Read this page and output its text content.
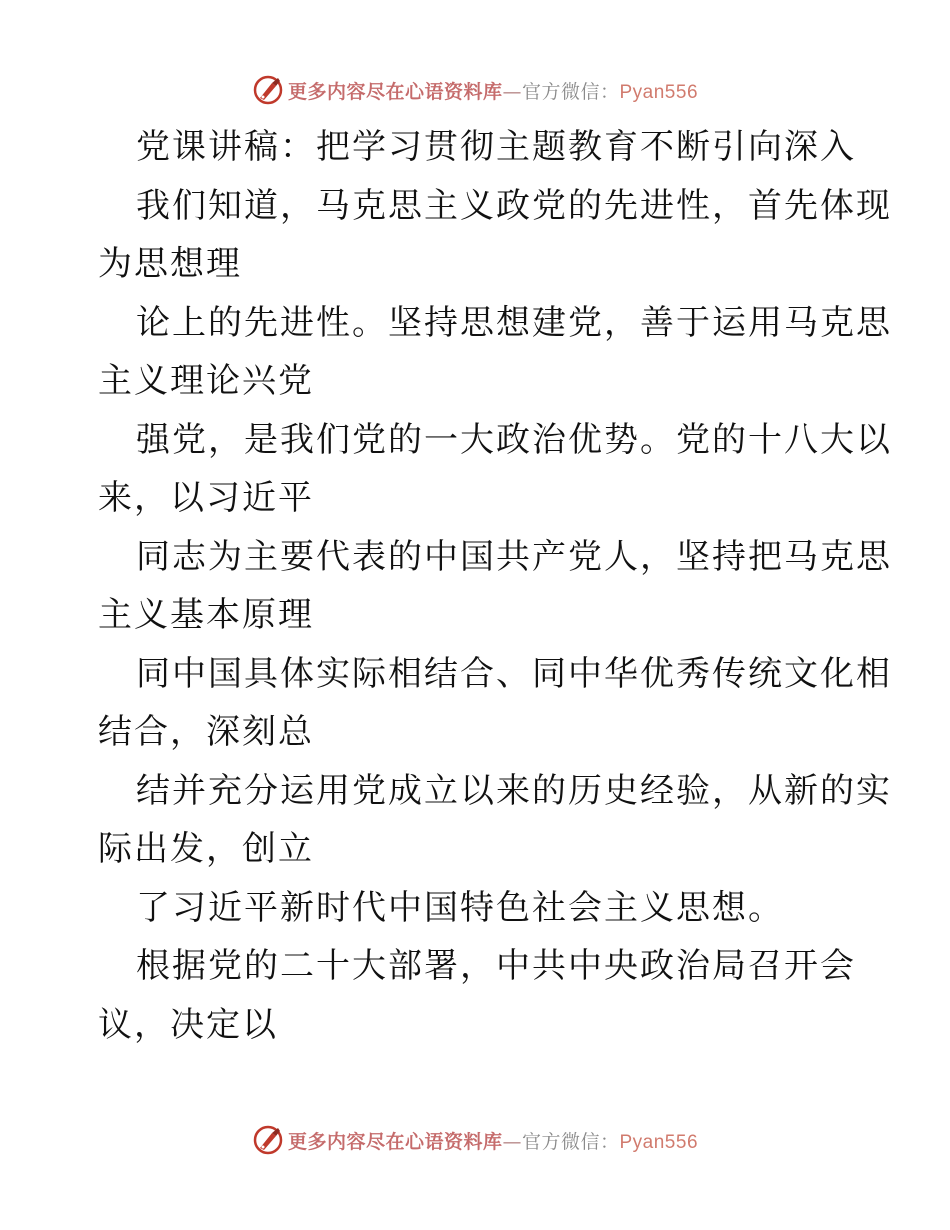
更多内容尽在心语资料库—官方微信：Pyan556
党课讲稿：把学习贯彻主题教育不断引向深入
我们知道，马克思主义政党的先进性，首先体现
为思想理
论上的先进性。坚持思想建党，善于运用马克思
主义理论兴党
强党，是我们党的一大政治优势。党的十八大以
来，以习近平
同志为主要代表的中国共产党人，坚持把马克思
主义基本原理
同中国具体实际相结合、同中华优秀传统文化相
结合，深刻总
结并充分运用党成立以来的历史经验，从新的实
际出发，创立
了习近平新时代中国特色社会主义思想。
根据党的二十大部署，中共中央政治局召开会
议，决定以
更多内容尽在心语资料库—官方微信：Pyan556
